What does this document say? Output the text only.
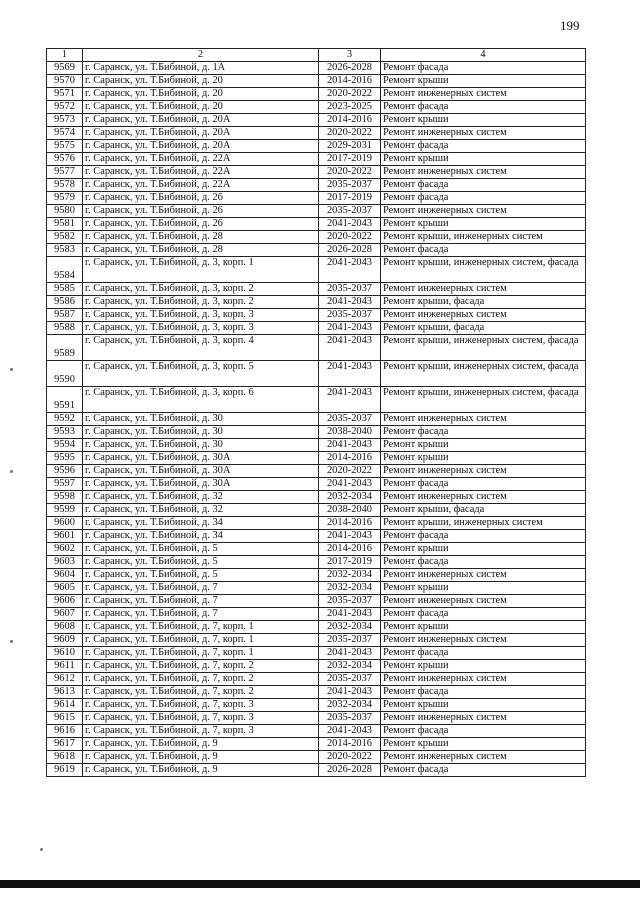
199
1	2	3	4
9569	г. Саранск, ул. Т.Бибиной, д. 1А	2026-2028	Ремонт фасада
9570	г. Саранск, ул. Т.Бибиной, д. 20	2014-2016	Ремонт крыши
9571	г. Саранск, ул. Т.Бибиной, д. 20	2020-2022	Ремонт инженерных систем
9572	г. Саранск, ул. Т.Бибиной, д. 20	2023-2025	Ремонт фасада
9573	г. Саранск, ул. Т.Бибиной, д. 20А	2014-2016	Ремонт крыши
9574	г. Саранск, ул. Т.Бибиной, д. 20А	2020-2022	Ремонт инженерных систем
9575	г. Саранск, ул. Т.Бибиной, д. 20А	2029-2031	Ремонт фасада
9576	г. Саранск, ул. Т.Бибиной, д. 22А	2017-2019	Ремонт крыши
9577	г. Саранск, ул. Т.Бибиной, д. 22А	2020-2022	Ремонт инженерных систем
9578	г. Саранск, ул. Т.Бибиной, д. 22А	2035-2037	Ремонт фасада
9579	г. Саранск, ул. Т.Бибиной, д. 26	2017-2019	Ремонт фасада
9580	г. Саранск, ул. Т.Бибиной, д. 26	2035-2037	Ремонт инженерных систем
9581	г. Саранск, ул. Т.Бибиной, д. 26	2041-2043	Ремонт крыши
9582	г. Саранск, ул. Т.Бибиной, д. 28	2020-2022	Ремонт крыши, инженерных систем
9583	г. Саранск, ул. Т.Бибиной, д. 28	2026-2028	Ремонт фасада
9584	г. Саранск, ул. Т.Бибиной, д. 3, корп. 1	2041-2043	Ремонт крыши, инженерных систем, фасада
9585	г. Саранск, ул. Т.Бибиной, д. 3, корп. 2	2035-2037	Ремонт инженерных систем
9586	г. Саранск, ул. Т.Бибиной, д. 3, корп. 2	2041-2043	Ремонт крыши, фасада
9587	г. Саранск, ул. Т.Бибиной, д. 3, корп. 3	2035-2037	Ремонт инженерных систем
9588	г. Саранск, ул. Т.Бибиной, д. 3, корп. 3	2041-2043	Ремонт крыши, фасада
9589	г. Саранск, ул. Т.Бибиной, д. 3, корп. 4	2041-2043	Ремонт крыши, инженерных систем, фасада
9590	г. Саранск, ул. Т.Бибиной, д. 3, корп. 5	2041-2043	Ремонт крыши, инженерных систем, фасада
9591	г. Саранск, ул. Т.Бибиной, д. 3, корп. 6	2041-2043	Ремонт крыши, инженерных систем, фасада
9592	г. Саранск, ул. Т.Бибиной, д. 30	2035-2037	Ремонт инженерных систем
9593	г. Саранск, ул. Т.Бибиной, д. 30	2038-2040	Ремонт фасада
9594	г. Саранск, ул. Т.Бибиной, д. 30	2041-2043	Ремонт крыши
9595	г. Саранск, ул. Т.Бибиной, д. 30А	2014-2016	Ремонт крыши
9596	г. Саранск, ул. Т.Бибиной, д. 30А	2020-2022	Ремонт инженерных систем
9597	г. Саранск, ул. Т.Бибиной, д. 30А	2041-2043	Ремонт фасада
9598	г. Саранск, ул. Т.Бибиной, д. 32	2032-2034	Ремонт инженерных систем
9599	г. Саранск, ул. Т.Бибиной, д. 32	2038-2040	Ремонт крыши, фасада
9600	г. Саранск, ул. Т.Бибиной, д. 34	2014-2016	Ремонт крыши, инженерных систем
9601	г. Саранск, ул. Т.Бибиной, д. 34	2041-2043	Ремонт фасада
9602	г. Саранск, ул. Т.Бибиной, д. 5	2014-2016	Ремонт крыши
9603	г. Саранск, ул. Т.Бибиной, д. 5	2017-2019	Ремонт фасада
9604	г. Саранск, ул. Т.Бибиной, д. 5	2032-2034	Ремонт инженерных систем
9605	г. Саранск, ул. Т.Бибиной, д. 7	2032-2034	Ремонт крыши
9606	г. Саранск, ул. Т.Бибиной, д. 7	2035-2037	Ремонт инженерных систем
9607	г. Саранск, ул. Т.Бибиной, д. 7	2041-2043	Ремонт фасада
9608	г. Саранск, ул. Т.Бибиной, д. 7, корп. 1	2032-2034	Ремонт крыши
9609	г. Саранск, ул. Т.Бибиной, д. 7, корп. 1	2035-2037	Ремонт инженерных систем
9610	г. Саранск, ул. Т.Бибиной, д. 7, корп. 1	2041-2043	Ремонт фасада
9611	г. Саранск, ул. Т.Бибиной, д. 7, корп. 2	2032-2034	Ремонт крыши
9612	г. Саранск, ул. Т.Бибиной, д. 7, корп. 2	2035-2037	Ремонт инженерных систем
9613	г. Саранск, ул. Т.Бибиной, д. 7, корп. 2	2041-2043	Ремонт фасада
9614	г. Саранск, ул. Т.Бибиной, д. 7, корп. 3	2032-2034	Ремонт крыши
9615	г. Саранск, ул. Т.Бибиной, д. 7, корп. 3	2035-2037	Ремонт инженерных систем
9616	г. Саранск, ул. Т.Бибиной, д. 7, корп. 3	2041-2043	Ремонт фасада
9617	г. Саранск, ул. Т.Бибиной, д. 9	2014-2016	Ремонт крыши
9618	г. Саранск, ул. Т.Бибиной, д. 9	2020-2022	Ремонт инженерных систем
9619	г. Саранск, ул. Т.Бибиной, д. 9	2026-2028	Ремонт фасада
